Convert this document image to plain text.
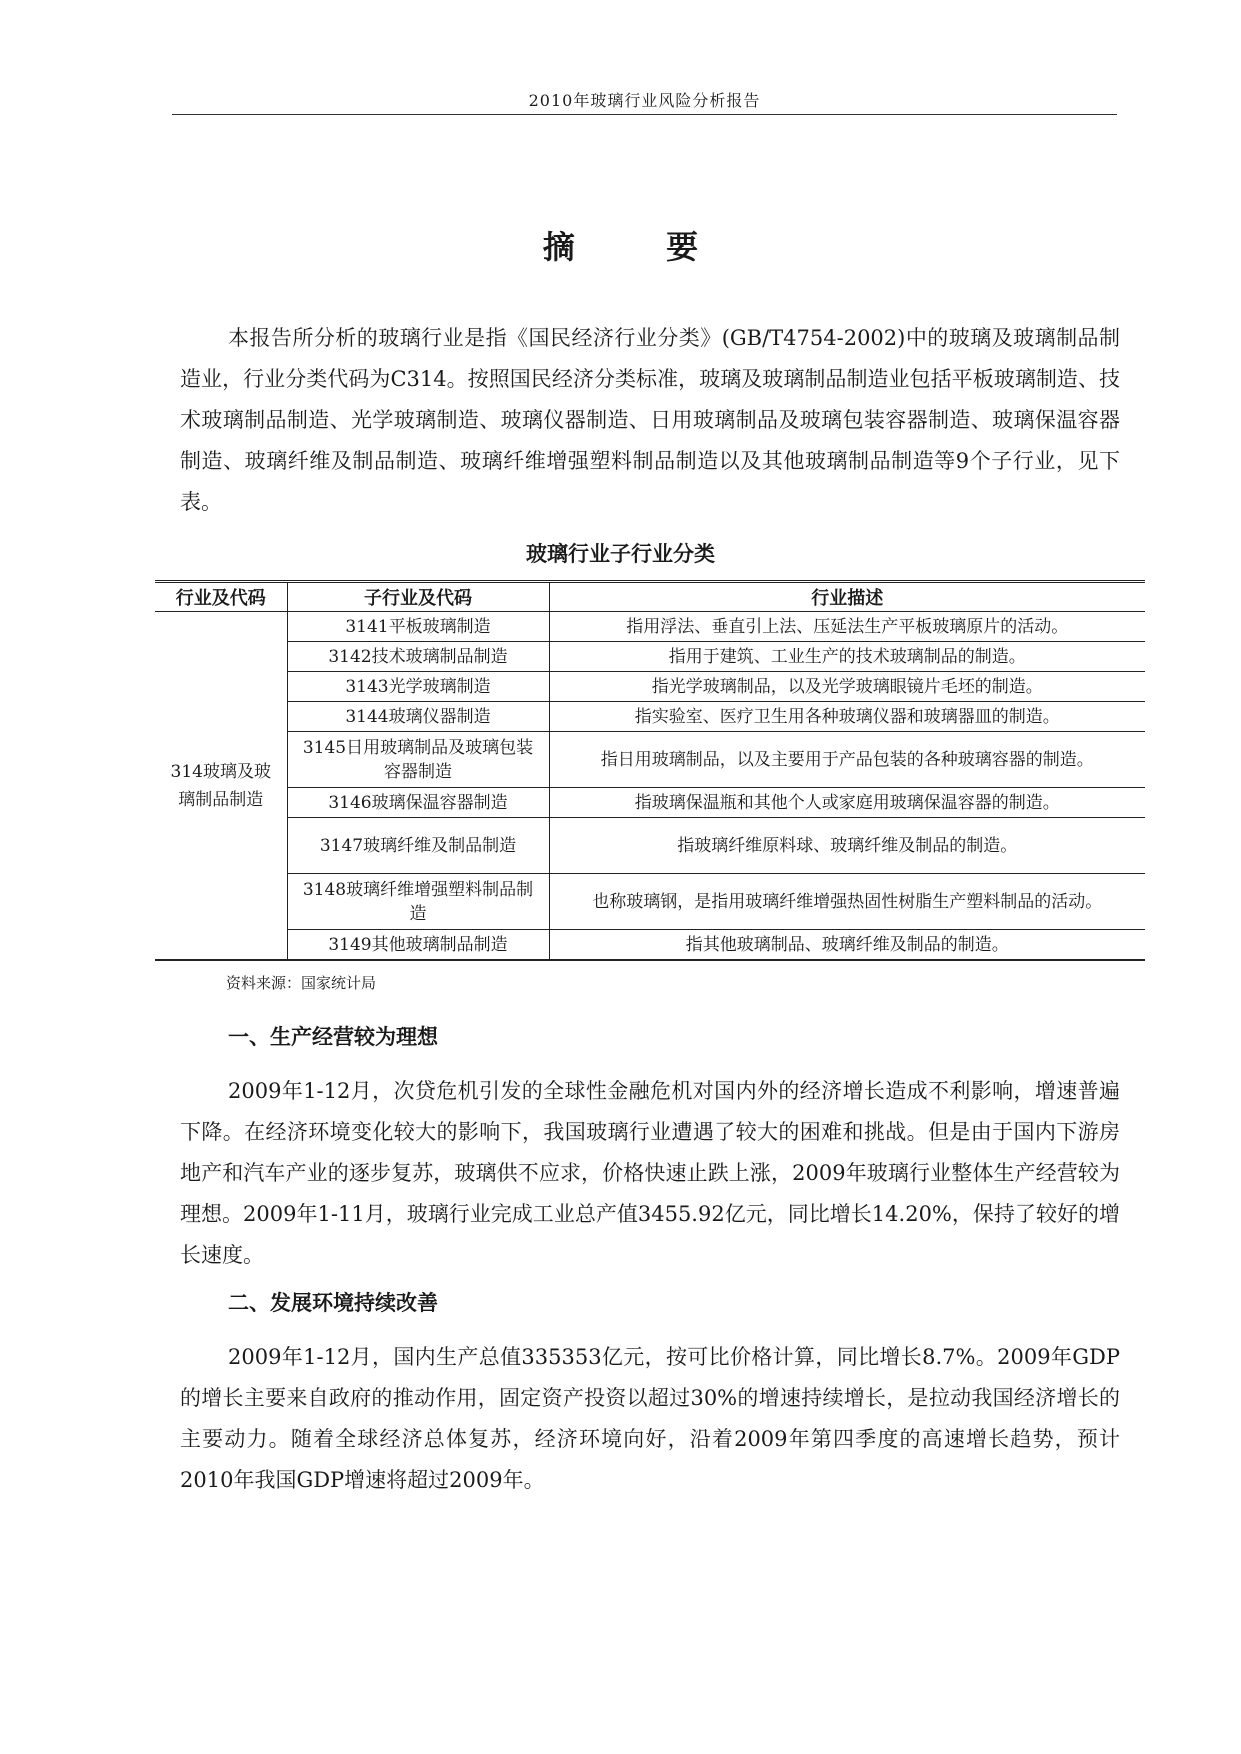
2010年玻璃行业风险分析报告
摘 要

本报告所分析的玻璃行业是指《国民经济行业分类》(GB/T4754-2002)中的玻璃及玻璃制品制造业，行业分类代码为C314。按照国民经济分类标准，玻璃及玻璃制品制造业包括平板玻璃制造、技术玻璃制品制造、光学玻璃制造、玻璃仪器制造、日用玻璃制品及玻璃包装容器制造、玻璃保温容器制造、玻璃纤维及制品制造、玻璃纤维增强塑料制品制造以及其他玻璃制品制造等9个子行业，见下表。

玻璃行业子行业分类
行业及代码	子行业及代码	行业描述
314玻璃及玻璃制品制造	3141平板玻璃制造	指用浮法、垂直引上法、压延法生产平板玻璃原片的活动。
	3142技术玻璃制品制造	指用于建筑、工业生产的技术玻璃制品的制造。
	3143光学玻璃制造	指光学玻璃制品，以及光学玻璃眼镜片毛坯的制造。
	3144玻璃仪器制造	指实验室、医疗卫生用各种玻璃仪器和玻璃器皿的制造。
	3145日用玻璃制品及玻璃包装容器制造	指日用玻璃制品，以及主要用于产品包装的各种玻璃容器的制造。
	3146玻璃保温容器制造	指玻璃保温瓶和其他个人或家庭用玻璃保温容器的制造。
	3147玻璃纤维及制品制造	指玻璃纤维原料球、玻璃纤维及制品的制造。
	3148玻璃纤维增强塑料制品制造	也称玻璃钢，是指用玻璃纤维增强热固性树脂生产塑料制品的活动。
	3149其他玻璃制品制造	指其他玻璃制品、玻璃纤维及制品的制造。
资料来源：国家统计局
一、生产经营较为理想

2009年1-12月，次贷危机引发的全球性金融危机对国内外的经济增长造成不利影响，增速普遍下降。在经济环境变化较大的影响下，我国玻璃行业遭遇了较大的困难和挑战。但是由于国内下游房地产和汽车产业的逐步复苏，玻璃供不应求，价格快速止跌上涨，2009年玻璃行业整体生产经营较为理想。2009年1-11月，玻璃行业完成工业总产值3455.92亿元，同比增长14.20%，保持了较好的增长速度。

二、发展环境持续改善

2009年1-12月，国内生产总值335353亿元，按可比价格计算，同比增长8.7%。2009年GDP的增长主要来自政府的推动作用，固定资产投资以超过30%的增速持续增长，是拉动我国经济增长的主要动力。随着全球经济总体复苏，经济环境向好，沿着2009年第四季度的高速增长趋势，预计2010年我国GDP增速将超过2009年。
